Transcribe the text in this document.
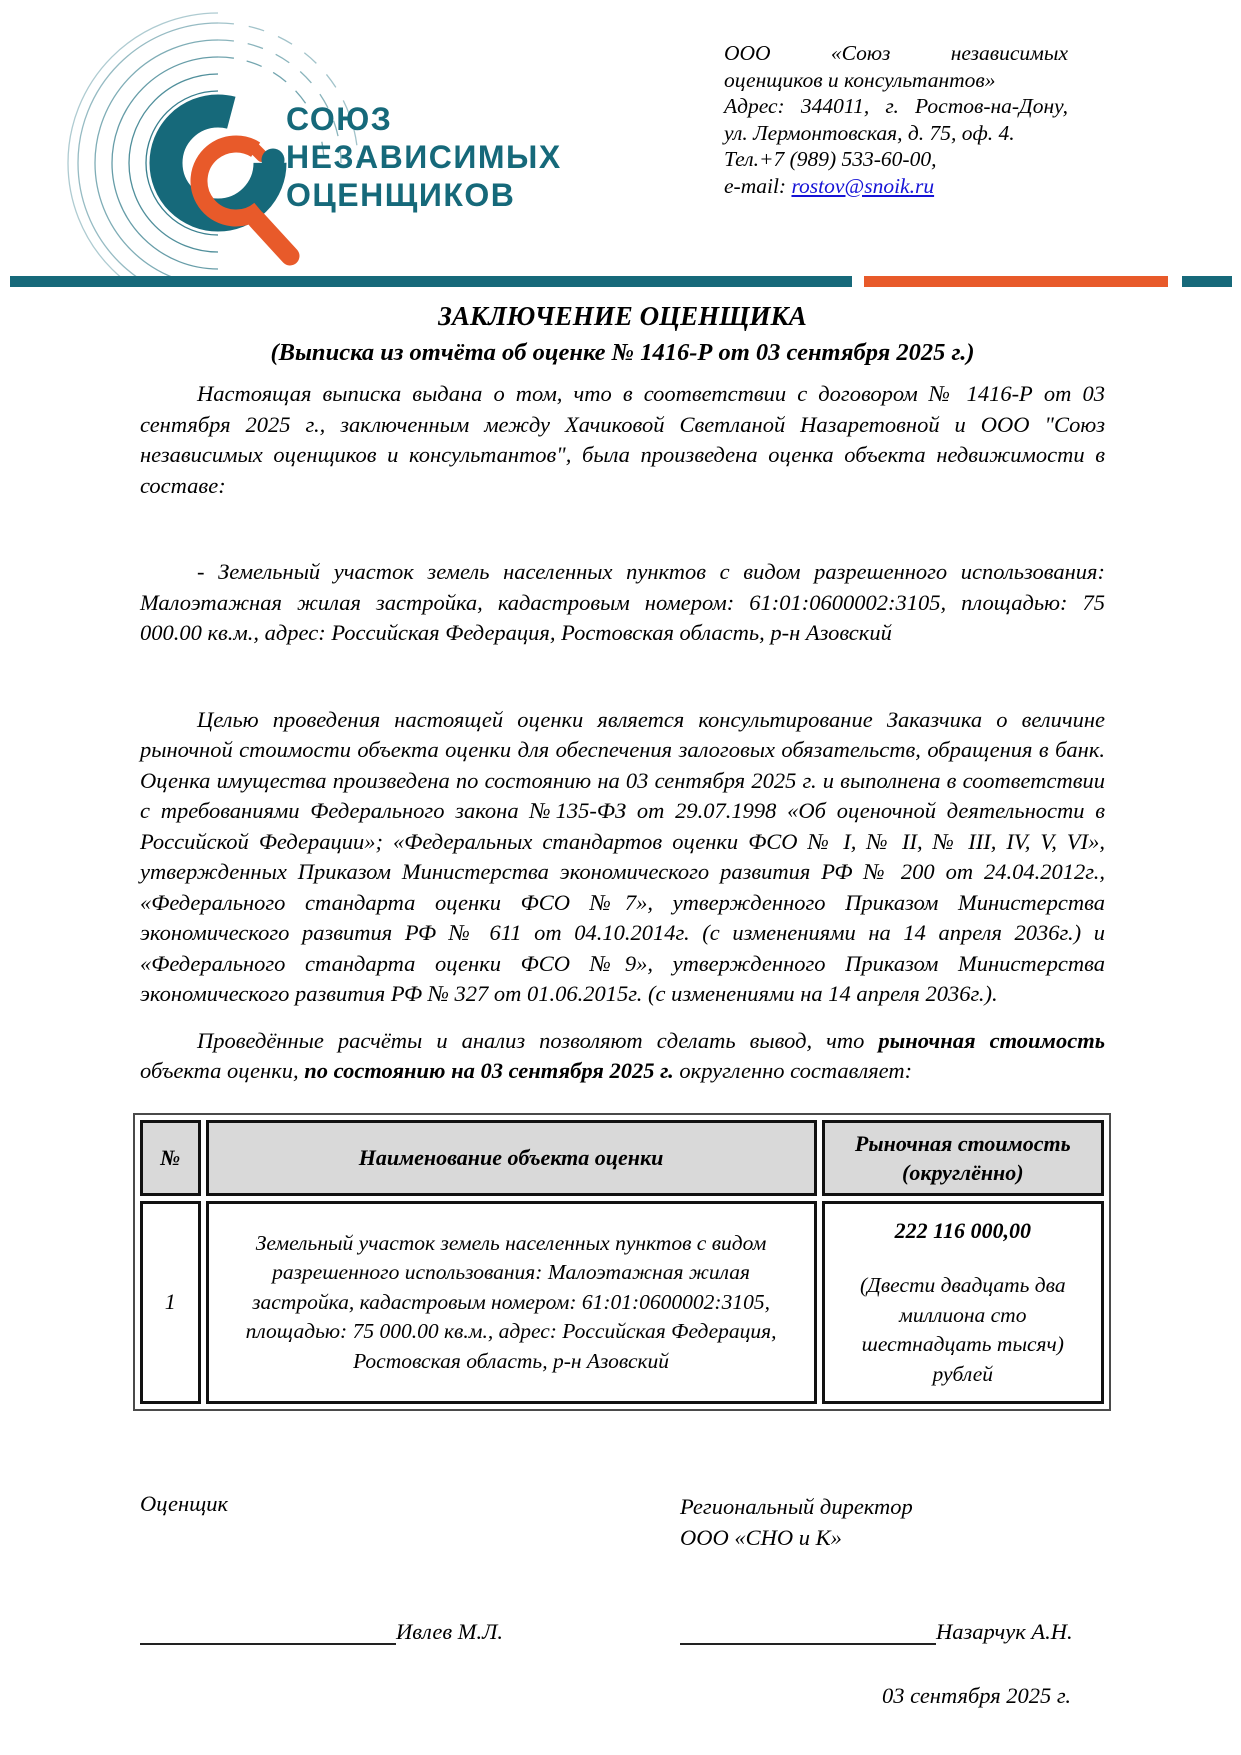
СОЮЗ
НЕЗАВИСИМЫХ
ОЦЕНЩИКОВ
ООО «Союз независимых
оценщиков и консультантов»
Адрес: 344011, г. Ростов-на-Дону,
ул. Лермонтовская, д. 75, оф. 4.
Тел.+7 (989) 533-60-00,
e-mail: rostov@snoik.ru
ЗАКЛЮЧЕНИЕ ОЦЕНЩИКА
(Выписка из отчёта об оценке № 1416-Р от 03 сентября 2025 г.)

Настоящая выписка выдана о том, что в соответствии с договором № 1416-Р от 03 сентября 2025 г., заключенным между Хачиковой Светланой Назаретовной и ООО "Союз независимых оценщиков и консультантов", была произведена оценка объекта недвижимости в составе:

- Земельный участок земель населенных пунктов с видом разрешенного использования: Малоэтажная жилая застройка, кадастровым номером: 61:01:0600002:3105, площадью: 75 000.00 кв.м., адрес: Российская Федерация, Ростовская область, р-н Азовский

Целью проведения настоящей оценки является консультирование Заказчика о величине рыночной стоимости объекта оценки для обеспечения залоговых обязательств, обращения в банк. Оценка имущества произведена по состоянию на 03 сентября 2025 г. и выполнена в соответствии с требованиями Федерального закона №135-ФЗ от 29.07.1998 «Об оценочной деятельности в Российской Федерации»; «Федеральных стандартов оценки ФСО № I, № II, № III, IV, V, VI», утвержденных Приказом Министерства экономического развития РФ № 200 от 24.04.2012г., «Федерального стандарта оценки ФСО №7», утвержденного Приказом Министерства экономического развития РФ № 611 от 04.10.2014г. (с изменениями на 14 апреля 2036г.) и «Федерального стандарта оценки ФСО №9», утвержденного Приказом Министерства экономического развития РФ № 327 от 01.06.2015г. (с изменениями на 14 апреля 2036г.).

Проведённые расчёты и анализ позволяют сделать вывод, что рыночная стоимость объекта оценки, по состоянию на 03 сентября 2025 г. округленно составляет:

№	Наименование объекта оценки	Рыночная стоимость
(округлённо)

1	Земельный участок земель населенных пунктов с видом разрешенного использования: Малоэтажная жилая застройка, кадастровым номером: 61:01:0600002:3105, площадью: 75 000.00 кв.м., адрес: Российская Федерация, Ростовская область, р-н Азовский	222 116 000,00
(Двести двадцать два миллиона сто шестнадцать тысяч) рублей
Оценщик	Региональный директор
ООО «СНО и К»
Ивлев М.Л.	Назарчук А.Н.
03 сентября 2025 г.
